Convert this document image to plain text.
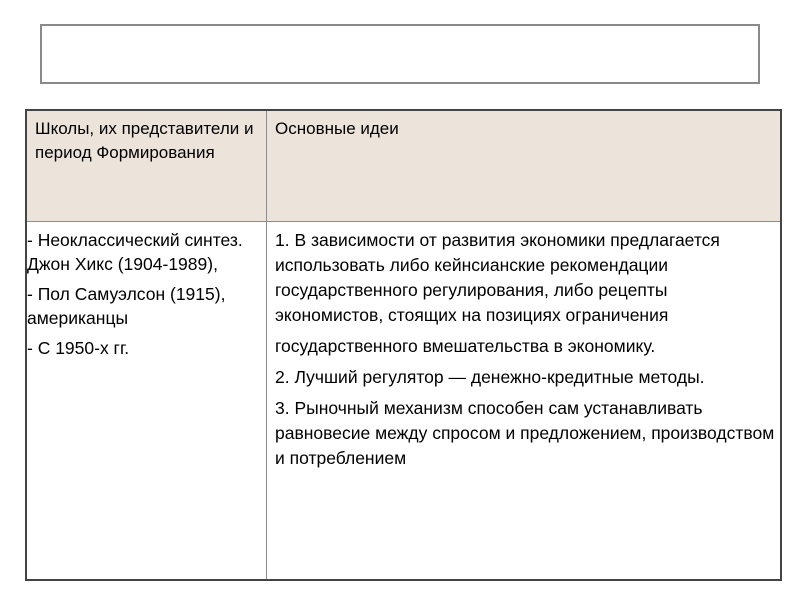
Школы, их представители и период Формирования
Основные идеи

- Неоклассический синтез. Джон Хикс (1904-1989),

- Пол Самуэлсон (1915), американцы

- С 1950-х гг.

1. В зависимости от развития экономики предлагается использовать либо кейнсианские рекомендации государственного регулирования, либо рецепты экономистов, стоящих на позициях ограничения

государственного вмешательства в экономику.

2. Лучший регулятор — денежно-кредитные методы.

3. Рыночный механизм способен сам устанавливать равновесие между спросом и предложением, производством и потреблением
